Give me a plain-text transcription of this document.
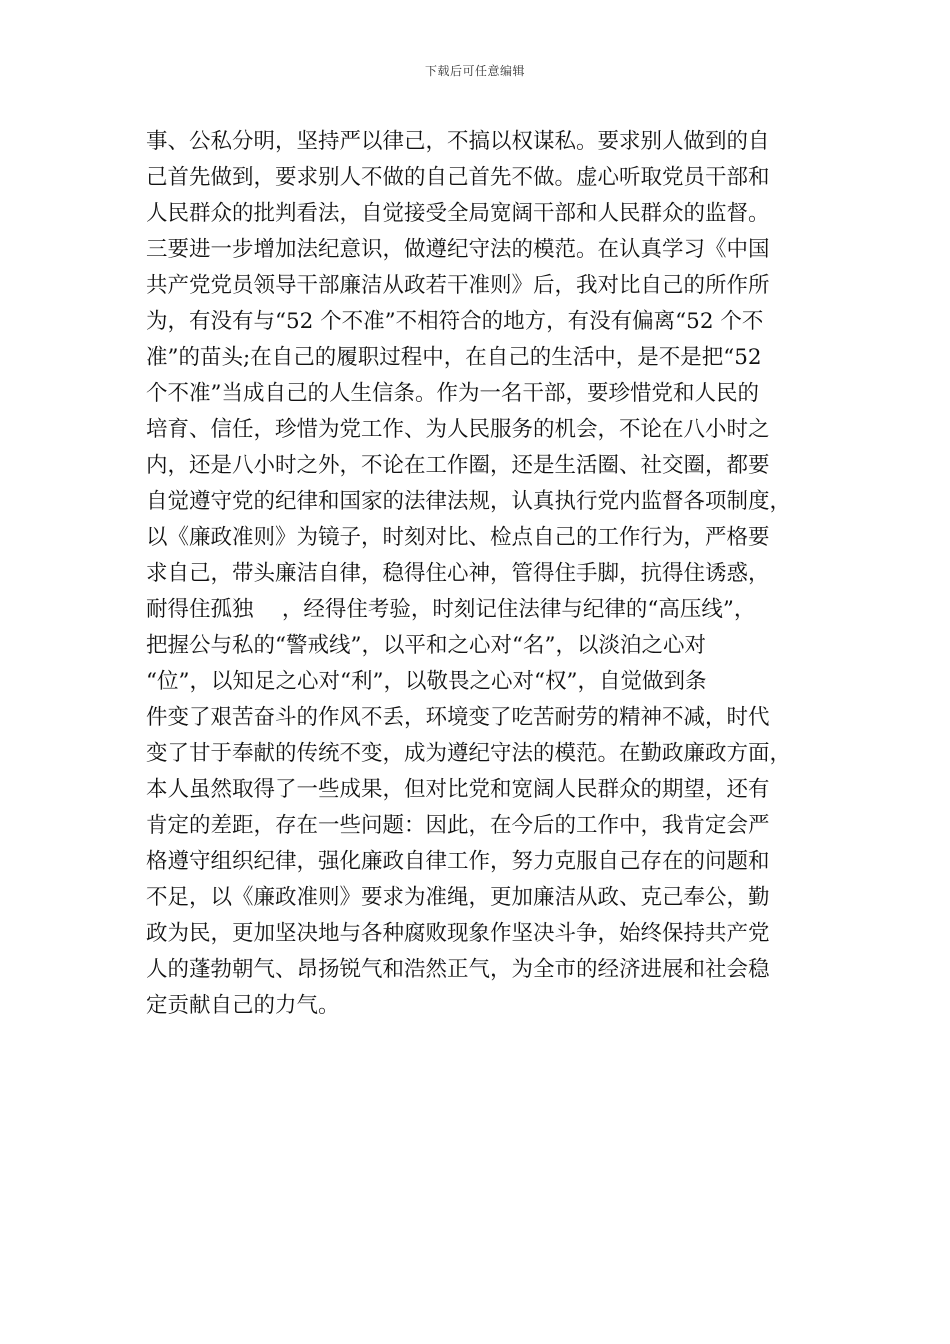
下载后可任意编辑
事、公私分明，坚持严以律己，不搞以权谋私。要求别人做到的自
己首先做到，要求别人不做的自己首先不做。虚心听取党员干部和
人民群众的批判看法，自觉接受全局宽阔干部和人民群众的监督。
三要进一步增加法纪意识，做遵纪守法的模范。在认真学习《中国
共产党党员领导干部廉洁从政若干准则》后，我对比自己的所作所
为，有没有与“52 个不准”不相符合的地方，有没有偏离“52 个不
准”的苗头;在自己的履职过程中，在自己的生活中，是不是把“52
个不准”当成自己的人生信条。作为一名干部，要珍惜党和人民的
培育、信任，珍惜为党工作、为人民服务的机会，不论在八小时之
内，还是八小时之外，不论在工作圈，还是生活圈、社交圈，都要
自觉遵守党的纪律和国家的法律法规，认真执行党内监督各项制度，
以《廉政准则》为镜子，时刻对比、检点自己的工作行为，严格要
求自己，带头廉洁自律，稳得住心神，管得住手脚，抗得住诱惑，
耐得住孤独　 ，经得住考验，时刻记住法律与纪律的“高压线”，
把握公与私的“警戒线”，以平和之心对“名”，以淡泊之心对
“位”，以知足之心对“利”，以敬畏之心对“权”，自觉做到条
件变了艰苦奋斗的作风不丢，环境变了吃苦耐劳的精神不减，时代
变了甘于奉献的传统不变，成为遵纪守法的模范。在勤政廉政方面，
本人虽然取得了一些成果，但对比党和宽阔人民群众的期望，还有
肯定的差距，存在一些问题：因此，在今后的工作中，我肯定会严
格遵守组织纪律，强化廉政自律工作，努力克服自己存在的问题和
不足，以《廉政准则》要求为准绳，更加廉洁从政、克己奉公，勤
政为民，更加坚决地与各种腐败现象作坚决斗争，始终保持共产党
人的蓬勃朝气、昂扬锐气和浩然正气，为全市的经济进展和社会稳
定贡献自己的力气。
